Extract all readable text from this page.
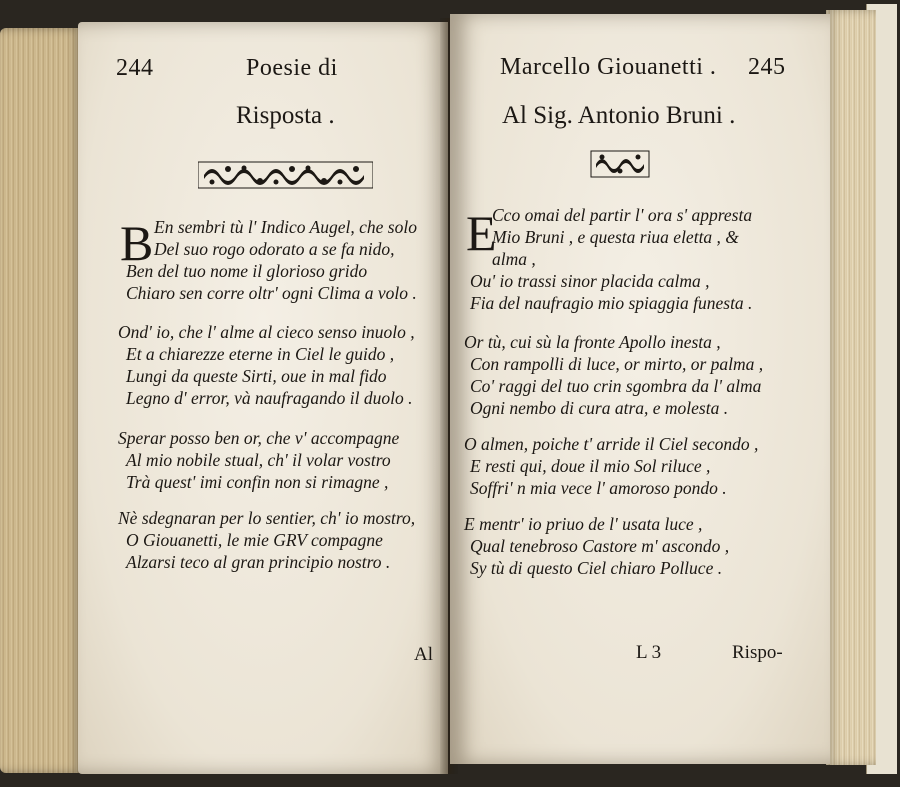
244	Poesie di
Risposta .
B En sembri tù l' Indico Augel, che solo
Del suo rogo odorato a se fa nido,
Ben del tuo nome il glorioso grido
Chiaro sen corre oltr' ogni Clima a volo .
Ond' io, che l' alme al cieco senso inuolo ,
Et a chiarezze eterne in Ciel le guido ,
Lungi da queste Sirti, oue in mal fido
Legno d' error, và naufragando il duolo .
Sperar posso ben or, che v' accompagne
Al mio nobile stual, ch' il volar vostro
Trà quest' imi confin non si rimagne ,
Nè sdegnaran per lo sentier, ch' io mostro,
O Giouanetti, le mie GRV compagne
Alzarsi teco al gran principio nostro .
Al
Marcello Giouanetti . 245
Al Sig. Antonio Bruni .
E
Cco omai del partir l' ora s' appresta
Mio Bruni , e questa riua eletta , &
alma ,
Ou' io trassi sinor placida calma ,
Fia del naufragio mio spiaggia funesta .
Or tù, cui sù la fronte Apollo inesta ,
Con rampolli di luce, or mirto, or palma ,
Co' raggi del tuo crin sgombra da l' alma
Ogni nembo di cura atra, e molesta .
O almen, poiche t' arride il Ciel secondo ,
E resti qui, doue il mio Sol riluce ,
Soffri' n mia vece l' amoroso pondo .
E mentr' io priuo de l' usata luce ,
Qual tenebroso Castore m' ascondo ,
Sy tù di questo Ciel chiaro Polluce .
L 3	Rispo-
